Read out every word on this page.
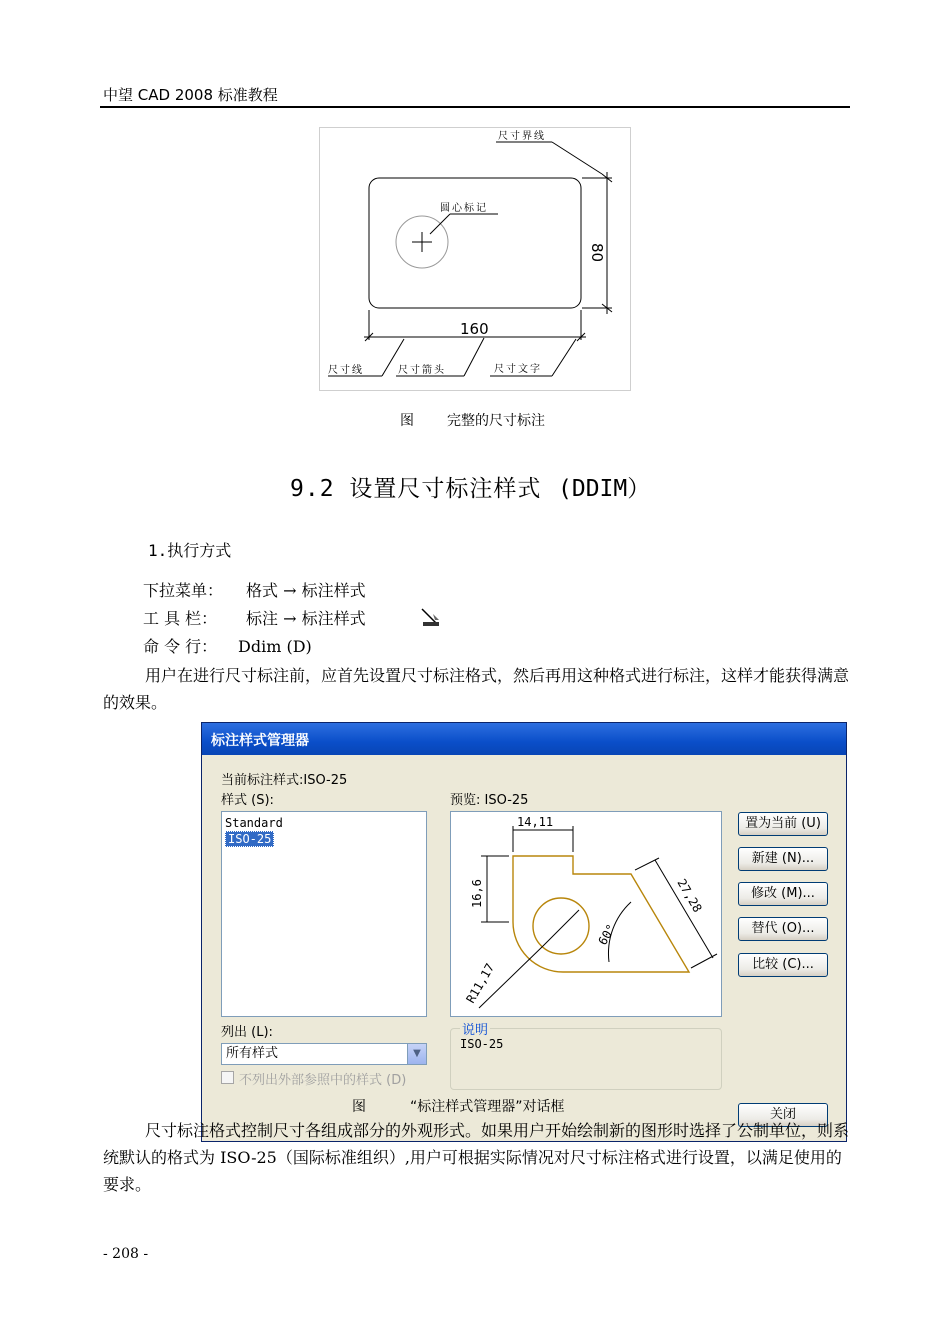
中望 CAD 2008 标准教程
80
160
尺寸界线
圆心标记
尺寸线	尺寸箭头	尺寸文字
图 完整的尺寸标注
9.2 设置尺寸标注样式 (DDIM）
1.执行方式
下拉菜单： 格式 → 标注样式
工 具 栏： 标注 → 标注样式
命 令 行： Ddim (D)
用户在进行尺寸标注前，应首先设置尺寸标注格式，然后再用这种格式进行标注，这样才能获得满意的效果。
标注样式管理器
当前标注样式:ISO-25
样式 (S):	预览: ISO-25
Standard
ISO-25
14,11
16,6	27,28
60°
R11,17
置为当前 (U)
新建 (N)...
修改 (M)...
替代 (O)...
比较 (C)...
关闭
列出 (L):
所有样式	▼
不列出外部参照中的样式 (D)
说明
ISO-25
图	“标注样式管理器”对话框
尺寸标注格式控制尺寸各组成部分的外观形式。如果用户开始绘制新的图形时选择了公制单位，则系统默认的格式为 ISO-25（国际标准组织）,用户可根据实际情况对尺寸标注格式进行设置，以满足使用的要求。
- 208 -
